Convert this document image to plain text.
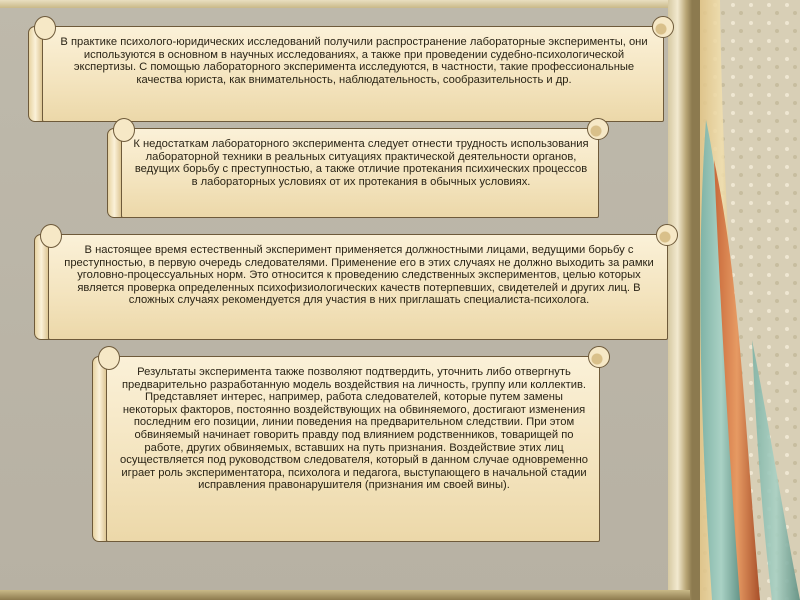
В практике психолого-юридических исследований получили распространение лабораторные эксперименты, они используются в основном в научных исследованиях, а также при проведении судебно-психологической экспертизы. С помощью лабораторного эксперимента исследуются, в частности, такие профессиональные качества юриста, как внимательность, наблюдательность, сообразительность и др.

К недостаткам лабораторного эксперимента следует отнести трудность использования лабораторной техники в реальных ситуациях практической деятельности органов, ведущих борьбу с преступностью, а также отличие протекания психических процессов в лабораторных условиях от их протекания в обычных условиях.

В настоящее время естественный эксперимент применяется должностными лицами, ведущими борьбу с преступностью, в первую очередь следователями. Применение его в этих случаях не должно выходить за рамки уголовно-процессуальных норм. Это относится к проведению следственных экспериментов, целью которых является проверка определенных психофизиологических качеств потерпевших, свидетелей и других лиц. В сложных случаях рекомендуется для участия в них приглашать специалиста-психолога.

Результаты эксперимента также позволяют подтвердить, уточнить либо отвергнуть предварительно разработанную модель воздействия на личность, группу или коллектив. Представляет интерес, например, работа следователей, которые путем замены некоторых факторов, постоянно воздействующих на обвиняемого, достигают изменения последним его позиции, линии поведения на предварительном следствии. При этом обвиняемый начинает говорить правду под влиянием родственников, товарищей по работе, других обвиняемых, вставших на путь признания. Воздействие этих лиц осуществляется под руководством следователя, который в данном случае одновременно играет роль экспериментатора, психолога и педагога, выступающего в начальной стадии исправления правонарушителя (признания им своей вины).
